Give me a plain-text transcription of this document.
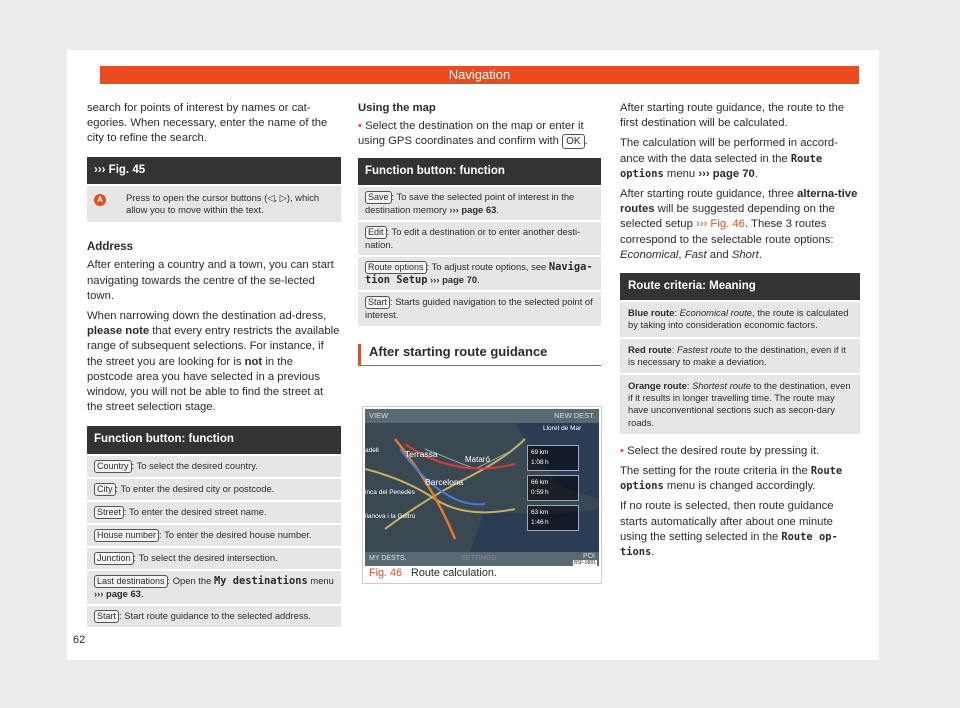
Navigation

search for points of interest by names or cat-egories. When necessary, enter the name of the city to refine the search.

››› Fig. 45
A	Press to open the cursor buttons (◁, ▷), which allow you to move within the text.
Address

After entering a country and a town, you can start navigating towards the centre of the se-lected town.

When narrowing down the destination ad-dress, please note that every entry restricts the available range of subsequent selections. For instance, if the street you are looking for is not in the postcode area you have selected in a previous window, you will not be able to find the street at the street selection stage.

Function button: function
Country : To select the desired country.
City : To enter the desired city or postcode.
Street : To enter the desired street name.
House number : To enter the desired house number.
Junction : To select the desired intersection.
Last destinations : Open the My destinations menu ››› page 63.
Start : Start route guidance to the selected address.
Using the map

• Select the destination on the map or enter it using GPS coordinates and confirm with OK .

Function button: function
Save : To save the selected point of interest in the destination memory ››› page 63.
Edit : To edit a destination or to enter another desti-nation.
Route options : To adjust route options, see Naviga-tion Setup ››› page 70.
Start : Starts guided navigation to the selected point of interest.
After starting route guidance
VIEW	NEW DEST.
Lloret de Mar
Terrassa
Mataró
Barcelona
inca del Penedès
ilanova i la Geltrú
adell	69 km
1:08 h
66 km
0:59 h
63 km
1:46 h
MY DESTS.	SETTINGS	POI
B5F-0881
Fig. 46 Route calculation.

After starting route guidance, the route to the first destination will be calculated.

The calculation will be performed in accord-ance with the data selected in the Route options menu ››› page 70.

After starting route guidance, three alterna-tive routes will be suggested depending on the selected setup ››› Fig. 46. These 3 routes correspond to the selectable route options: Economical, Fast and Short.

Route criteria: Meaning
Blue route: Economical route, the route is calculated by taking into consideration economic factors.
Red route: Fastest route to the destination, even if it is necessary to make a deviation.
Orange route: Shortest route to the destination, even if it results in longer travelling time. The route may have unconventional sections such as secon-dary roads.

• Select the desired route by pressing it.

The setting for the route criteria in the Route options menu is changed accordingly.

If no route is selected, then route guidance starts automatically after about one minute using the setting selected in the Route op-tions.

62
